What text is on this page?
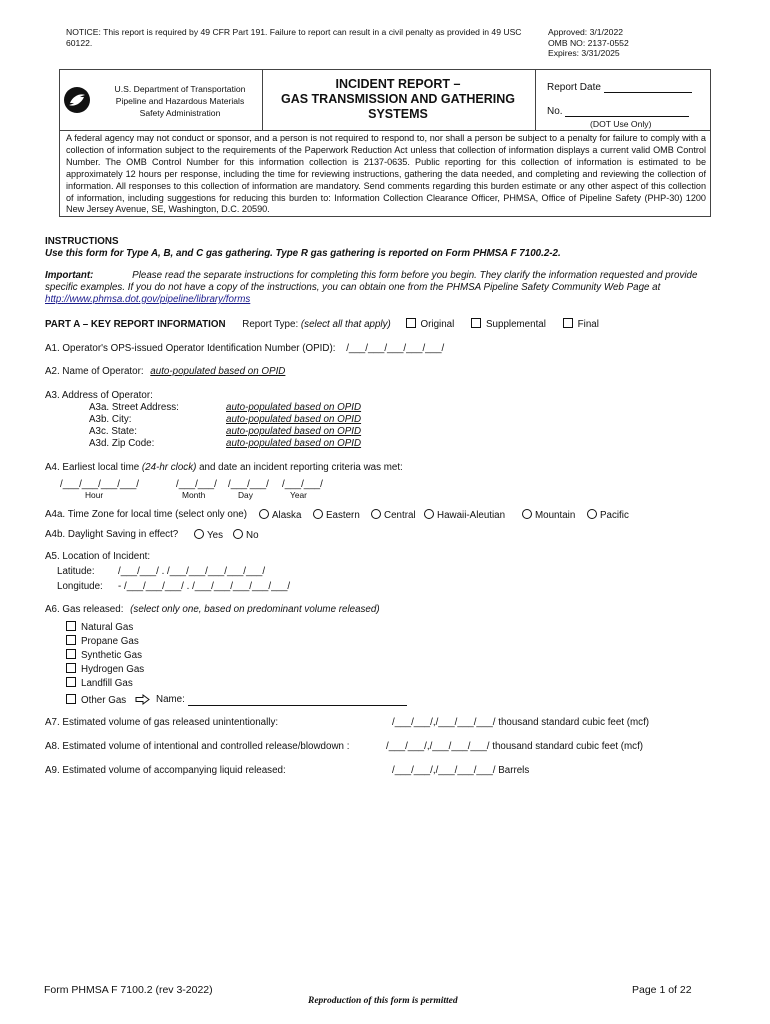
NOTICE: This report is required by 49 CFR Part 191. Failure to report can result in a civil penalty as provided in 49 USC 60122.
Approved: 3/1/2022
OMB NO: 2137-0552
Expires: 3/31/2025
U.S. Department of Transportation
Pipeline and Hazardous Materials
Safety Administration
INCIDENT REPORT –
GAS TRANSMISSION AND GATHERING
SYSTEMS
Report Date
No.
(DOT Use Only)
A federal agency may not conduct or sponsor, and a person is not required to respond to, nor shall a person be subject to a penalty for failure to comply with a collection of information subject to the requirements of the Paperwork Reduction Act unless that collection of information displays a current valid OMB Control Number. The OMB Control Number for this information collection is 2137-0635. Public reporting for this collection of information is estimated to be approximately 12 hours per response, including the time for reviewing instructions, gathering the data needed, and completing and reviewing the collection of information. All responses to this collection of information are mandatory. Send comments regarding this burden estimate or any other aspect of this collection of information, including suggestions for reducing this burden to: Information Collection Clearance Officer, PHMSA, Office of Pipeline Safety (PHP-30) 1200 New Jersey Avenue, SE, Washington, D.C. 20590.
INSTRUCTIONS
Use this form for Type A, B, and C gas gathering. Type R gas gathering is reported on Form PHMSA F 7100.2-2.
Important:	Please read the separate instructions for completing this form before you begin. They clarify the information requested and provide
specific examples. If you do not have a copy of the instructions, you can obtain one from the PHMSA Pipeline Safety Community Web Page at
http://www.phmsa.dot.gov/pipeline/library/forms
PART A – KEY REPORT INFORMATION Report Type: (select all that apply)	Original	Supplemental	Final
A1. Operator's OPS-issued Operator Identification Number (OPID): /___/___/___/___/___/
A2. Name of Operator: auto-populated based on OPID
A3. Address of Operator:
A3a. Street Address:	auto-populated based on OPID
A3b. City:	auto-populated based on OPID
A3c. State:	auto-populated based on OPID
A3d. Zip Code:	auto-populated based on OPID
A4. Earliest local time (24-hr clock) and date an incident reporting criteria was met:
/___/___/___/___/	/___/___/ /___/___/ /___/___/
Hour	Month	Day	Year
A4a. Time Zone for local time (select only one)	Alaska	Eastern	Central	Hawaii-Aleutian	Mountain	Pacific
A4b. Daylight Saving in effect?	Yes	No
A5. Location of Incident:
Latitude: /___/___/ . /___/___/___/___/___/
Longitude: - /___/___/___/ . /___/___/___/___/___/
A6. Gas released: (select only one, based on predominant volume released)
Natural Gas
Propane Gas
Synthetic Gas
Hydrogen Gas
Landfill Gas
Other Gas	Name:
A7. Estimated volume of gas released unintentionally:	/___/___/,/___/___/___/ thousand standard cubic feet (mcf)
A8. Estimated volume of intentional and controlled release/blowdown :	/___/___/,/___/___/___/ thousand standard cubic feet (mcf)
A9. Estimated volume of accompanying liquid released:	/___/___/,/___/___/___/ Barrels
Form PHMSA F 7100.2 (rev 3-2022)	Page 1 of 22
Reproduction of this form is permitted
